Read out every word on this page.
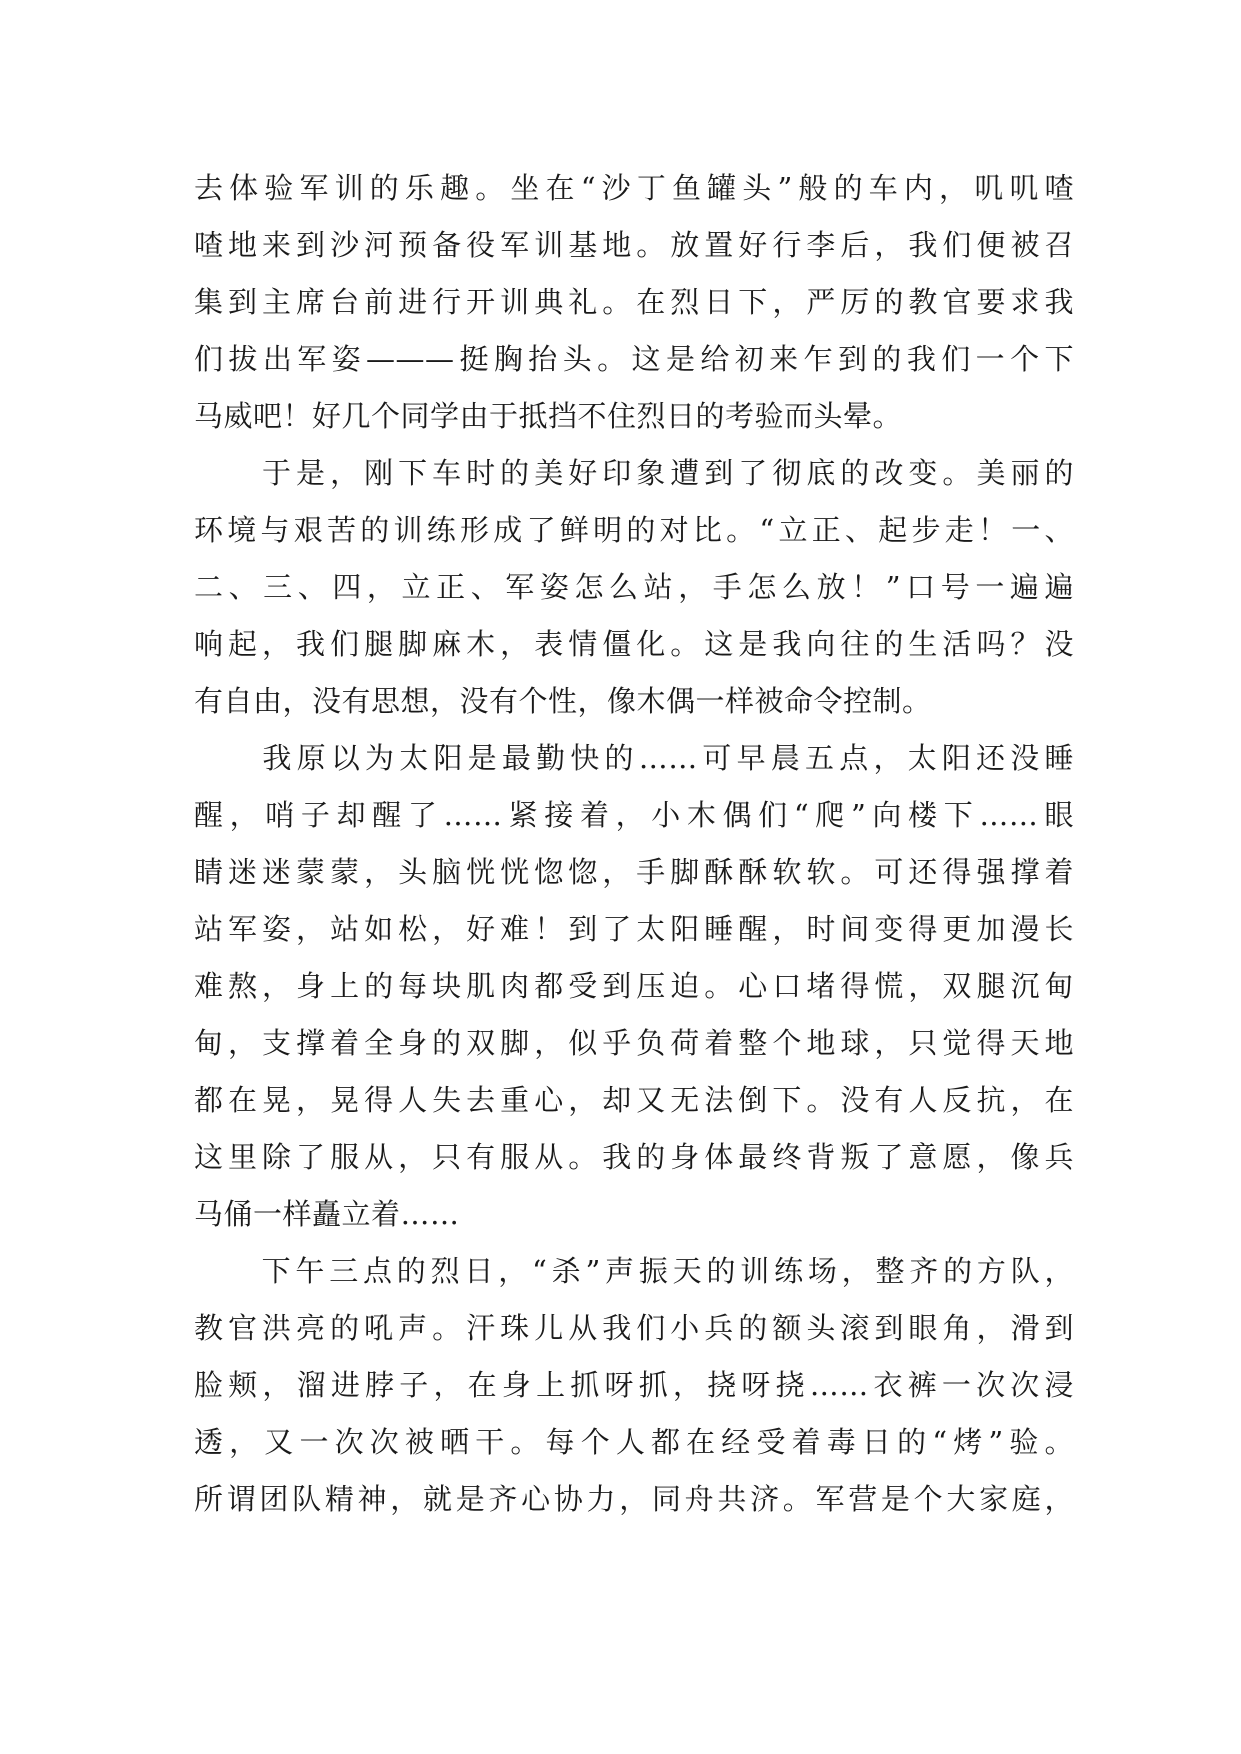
去体验军训的乐趣。坐在“沙丁鱼罐头”般的车内，叽叽喳
喳地来到沙河预备役军训基地。放置好行李后，我们便被召
集到主席台前进行开训典礼。在烈日下，严厉的教官要求我
们拔出军姿———挺胸抬头。这是给初来乍到的我们一个下
马威吧！好几个同学由于抵挡不住烈日的考验而头晕。
　　于是，刚下车时的美好印象遭到了彻底的改变。美丽的
环境与艰苦的训练形成了鲜明的对比。“立正、起步走！一、
二、三、四，立正、军姿怎么站，手怎么放！”口号一遍遍
响起，我们腿脚麻木，表情僵化。这是我向往的生活吗？没
有自由，没有思想，没有个性，像木偶一样被命令控制。
　　我原以为太阳是最勤快的……可早晨五点，太阳还没睡
醒，哨子却醒了……紧接着，小木偶们“爬”向楼下……眼
睛迷迷蒙蒙，头脑恍恍惚惚，手脚酥酥软软。可还得强撑着
站军姿，站如松，好难！到了太阳睡醒，时间变得更加漫长
难熬，身上的每块肌肉都受到压迫。心口堵得慌，双腿沉甸
甸，支撑着全身的双脚，似乎负荷着整个地球，只觉得天地
都在晃，晃得人失去重心，却又无法倒下。没有人反抗，在
这里除了服从，只有服从。我的身体最终背叛了意愿，像兵
马俑一样矗立着……
　　下午三点的烈日，“杀”声振天的训练场，整齐的方队，
教官洪亮的吼声。汗珠儿从我们小兵的额头滚到眼角，滑到
脸颊，溜进脖子，在身上抓呀抓，挠呀挠……衣裤一次次浸
透，又一次次被晒干。每个人都在经受着毒日的“烤”验。
所谓团队精神，就是齐心协力，同舟共济。军营是个大家庭，
